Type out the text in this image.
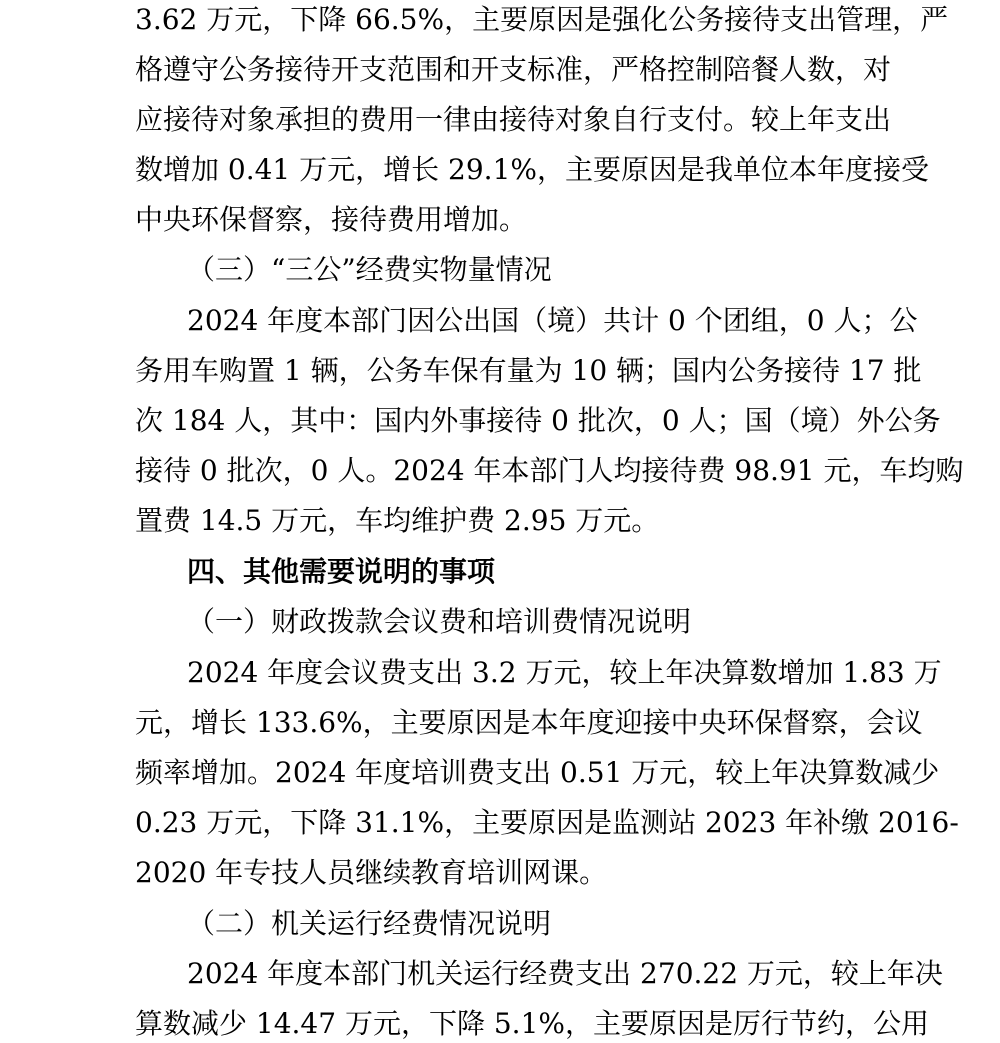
3.62 万元，下降 66.5%，主要原因是强化公务接待支出管理，严
格遵守公务接待开支范围和开支标准，严格控制陪餐人数，对
应接待对象承担的费用一律由接待对象自行支付。较上年支出
数增加 0.41 万元，增长 29.1%，主要原因是我单位本年度接受
中央环保督察，接待费用增加。
（三）“三公”经费实物量情况
2024 年度本部门因公出国（境）共计 0 个团组，0 人；公
务用车购置 1 辆，公务车保有量为 10 辆；国内公务接待 17 批
次 184 人，其中：国内外事接待 0 批次，0 人；国（境）外公务
接待 0 批次，0 人。2024 年本部门人均接待费 98.91 元，车均购
置费 14.5 万元，车均维护费 2.95 万元。
四、其他需要说明的事项
（一）财政拨款会议费和培训费情况说明
2024 年度会议费支出 3.2 万元，较上年决算数增加 1.83 万
元，增长 133.6%，主要原因是本年度迎接中央环保督察，会议
频率增加。2024 年度培训费支出 0.51 万元，较上年决算数减少
0.23 万元，下降 31.1%，主要原因是监测站 2023 年补缴 2016-
2020 年专技人员继续教育培训网课。
（二）机关运行经费情况说明
2024 年度本部门机关运行经费支出 270.22 万元，较上年决
算数减少 14.47 万元，下降 5.1%，主要原因是厉行节约，公用
